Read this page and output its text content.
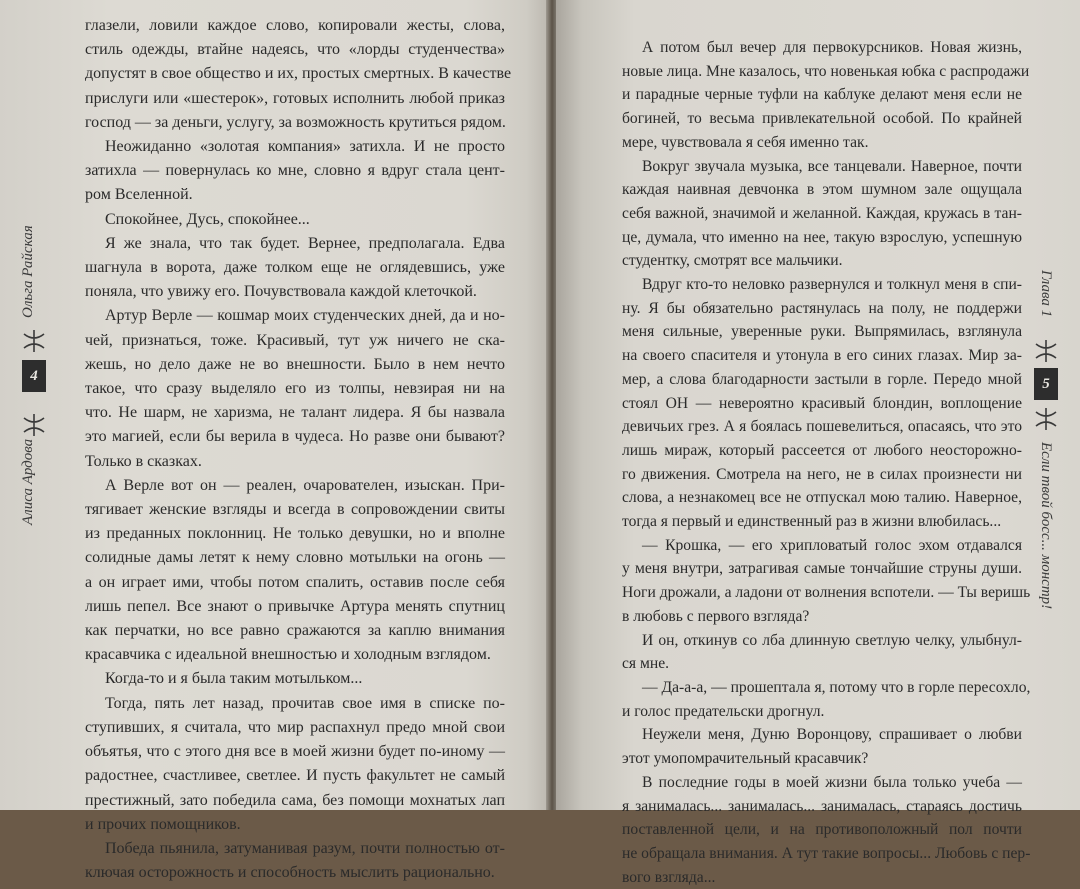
Алиса Ардова
4
Ольга Райская
глазели, ловили каждое слово, копировали жесты, слова,
стиль одежды, втайне надеясь, что «лорды студенчества»
допустят в свое общество и их, простых смертных. В качестве
прислуги или «шестерок», готовых исполнить любой приказ
господ — за деньги, услугу, за возможность крутиться рядом.
Неожиданно «золотая компания» затихла. И не просто
затихла — повернулась ко мне, словно я вдруг стала цент-
ром Вселенной.
Спокойнее, Дусь, спокойнее...
Я же знала, что так будет. Вернее, предполагала. Едва
шагнула в ворота, даже толком еще не оглядевшись, уже
поняла, что увижу его. Почувствовала каждой клеточкой.
Артур Верле — кошмар моих студенческих дней, да и но-
чей, признаться, тоже. Красивый, тут уж ничего не ска-
жешь, но дело даже не во внешности. Было в нем нечто
такое, что сразу выделяло его из толпы, невзирая ни на
что. Не шарм, не харизма, не талант лидера. Я бы назвала
это магией, если бы верила в чудеса. Но разве они бывают?
Только в сказках.
А Верле вот он — реален, очарователен, изыскан. При-
тягивает женские взгляды и всегда в сопровождении свиты
из преданных поклонниц. Не только девушки, но и вполне
солидные дамы летят к нему словно мотыльки на огонь —
а он играет ими, чтобы потом спалить, оставив после себя
лишь пепел. Все знают о привычке Артура менять спутниц
как перчатки, но все равно сражаются за каплю внимания
красавчика с идеальной внешностью и холодным взглядом.
Когда-то и я была таким мотыльком...
Тогда, пять лет назад, прочитав свое имя в списке по-
ступивших, я считала, что мир распахнул предо мной свои
объятья, что с этого дня все в моей жизни будет по-иному —
радостнее, счастливее, светлее. И пусть факультет не самый
престижный, зато победила сама, без помощи мохнатых лап
и прочих помощников.
Победа пьянила, затуманивая разум, почти полностью от-
ключая осторожность и способность мыслить рационально.
А потом был вечер для первокурсников. Новая жизнь,
новые лица. Мне казалось, что новенькая юбка с распродажи
и парадные черные туфли на каблуке делают меня если не
богиней, то весьма привлекательной особой. По крайней
мере, чувствовала я себя именно так.
Вокруг звучала музыка, все танцевали. Наверное, почти
каждая наивная девчонка в этом шумном зале ощущала
себя важной, значимой и желанной. Каждая, кружась в тан-
це, думала, что именно на нее, такую взрослую, успешную
студентку, смотрят все мальчики.
Вдруг кто-то неловко развернулся и толкнул меня в спи-
ну. Я бы обязательно растянулась на полу, не поддержи
меня сильные, уверенные руки. Выпрямилась, взглянула
на своего спасителя и утонула в его синих глазах. Мир за-
мер, а слова благодарности застыли в горле. Передо мной
стоял ОН — невероятно красивый блондин, воплощение
девичьих грез. А я боялась пошевелиться, опасаясь, что это
лишь мираж, который рассеется от любого неосторожно-
го движения. Смотрела на него, не в силах произнести ни
слова, а незнакомец все не отпускал мою талию. Наверное,
тогда я первый и единственный раз в жизни влюбилась...
— Крошка, — его хрипловатый голос эхом отдавался
у меня внутри, затрагивая самые тончайшие струны души.
Ноги дрожали, а ладони от волнения вспотели. — Ты веришь
в любовь с первого взгляда?
И он, откинув со лба длинную светлую челку, улыбнул-
ся мне.
— Да-а-а, — прошептала я, потому что в горле пересохло,
и голос предательски дрогнул.
Неужели меня, Дуню Воронцову, спрашивает о любви
этот умопомрачительный красавчик?
В последние годы в моей жизни была только учеба —
я занималась... занималась... занималась, стараясь достичь
поставленной цели, и на противоположный пол почти
не обращала внимания. А тут такие вопросы... Любовь с пер-
вого взгляда...
Глава 1
5
Если твой босс... монстр!
